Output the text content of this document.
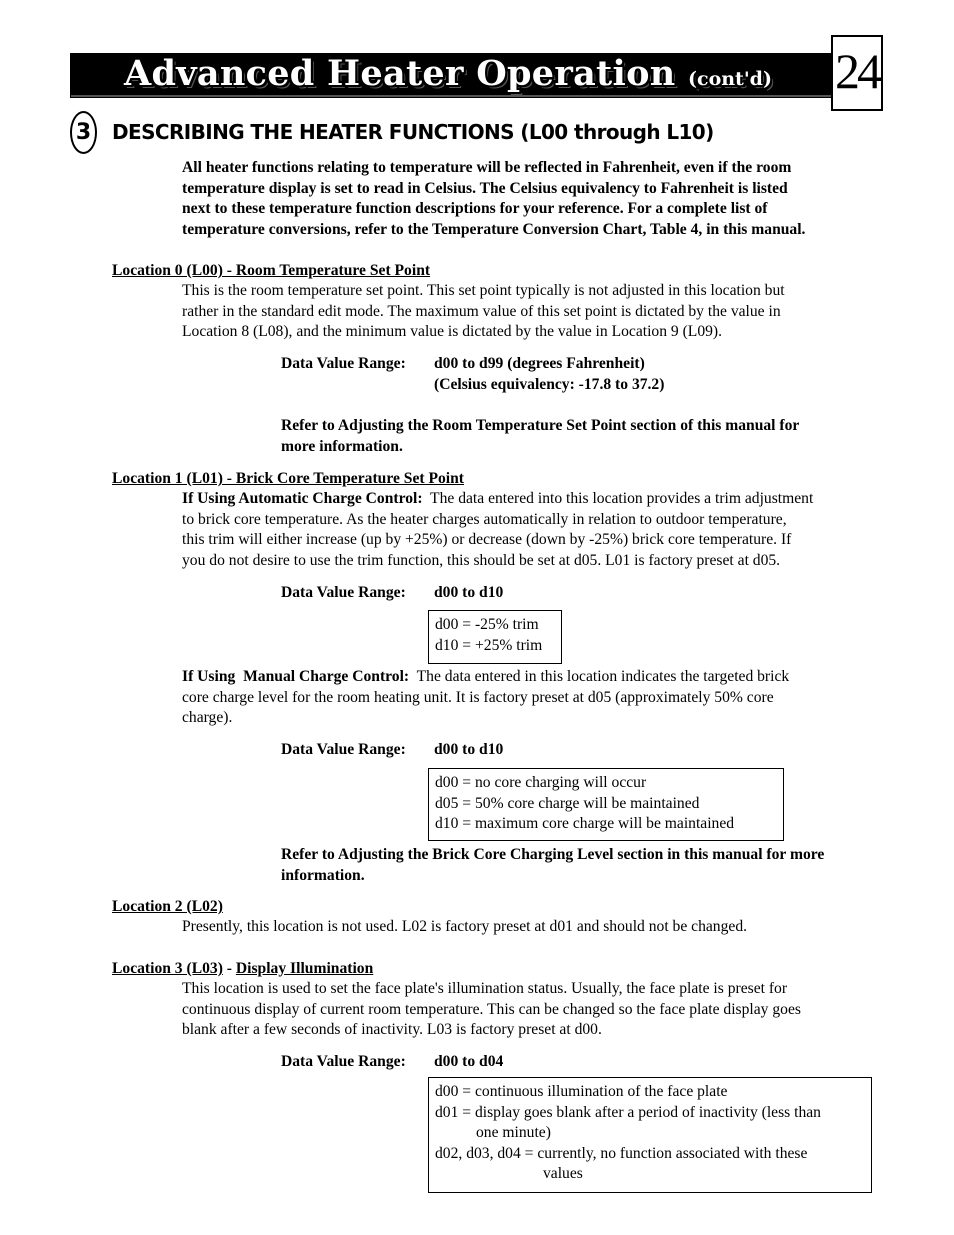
Advanced Heater Operation (cont'd) 24
3 DESCRIBING THE HEATER FUNCTIONS (L00 through L10)
All heater functions relating to temperature will be reflected in Fahrenheit, even if the room
temperature display is set to read in Celsius. The Celsius equivalency to Fahrenheit is listed
next to these temperature function descriptions for your reference. For a complete list of
temperature conversions, refer to the Temperature Conversion Chart, Table 4, in this manual.
Location 0 (L00) - Room Temperature Set Point
This is the room temperature set point. This set point typically is not adjusted in this location but
rather in the standard edit mode. The maximum value of this set point is dictated by the value in
Location 8 (L08), and the minimum value is dictated by the value in Location 9 (L09).
Data Value Range: d00 to d99 (degrees Fahrenheit)
(Celsius equivalency: -17.8 to 37.2)
Refer to Adjusting the Room Temperature Set Point section of this manual for
more information.
Location 1 (L01) - Brick Core Temperature Set Point
If Using Automatic Charge Control:  The data entered into this location provides a trim adjustment
to brick core temperature. As the heater charges automatically in relation to outdoor temperature,
this trim will either increase (up by +25%) or decrease (down by -25%) brick core temperature. If
you do not desire to use the trim function, this should be set at d05. L01 is factory preset at d05.
Data Value Range: d00 to d10
d00 = -25% trim
d10 = +25% trim
If Using  Manual Charge Control:  The data entered in this location indicates the targeted brick
core charge level for the room heating unit. It is factory preset at d05 (approximately 50% core
charge).
Data Value Range: d00 to d10
d00 = no core charging will occur
d05 = 50% core charge will be maintained
d10 = maximum core charge will be maintained
Refer to Adjusting the Brick Core Charging Level section in this manual for more
information.
Location 2 (L02)
Presently, this location is not used. L02 is factory preset at d01 and should not be changed.
Location 3 (L03) - Display Illumination
This location is used to set the face plate's illumination status. Usually, the face plate is preset for
continuous display of current room temperature. This can be changed so the face plate display goes
blank after a few seconds of inactivity. L03 is factory preset at d00.
Data Value Range: d00 to d04
d00 = continuous illumination of the face plate
d01 = display goes blank after a period of inactivity (less than
one minute)
d02, d03, d04 = currently, no function associated with these
values
